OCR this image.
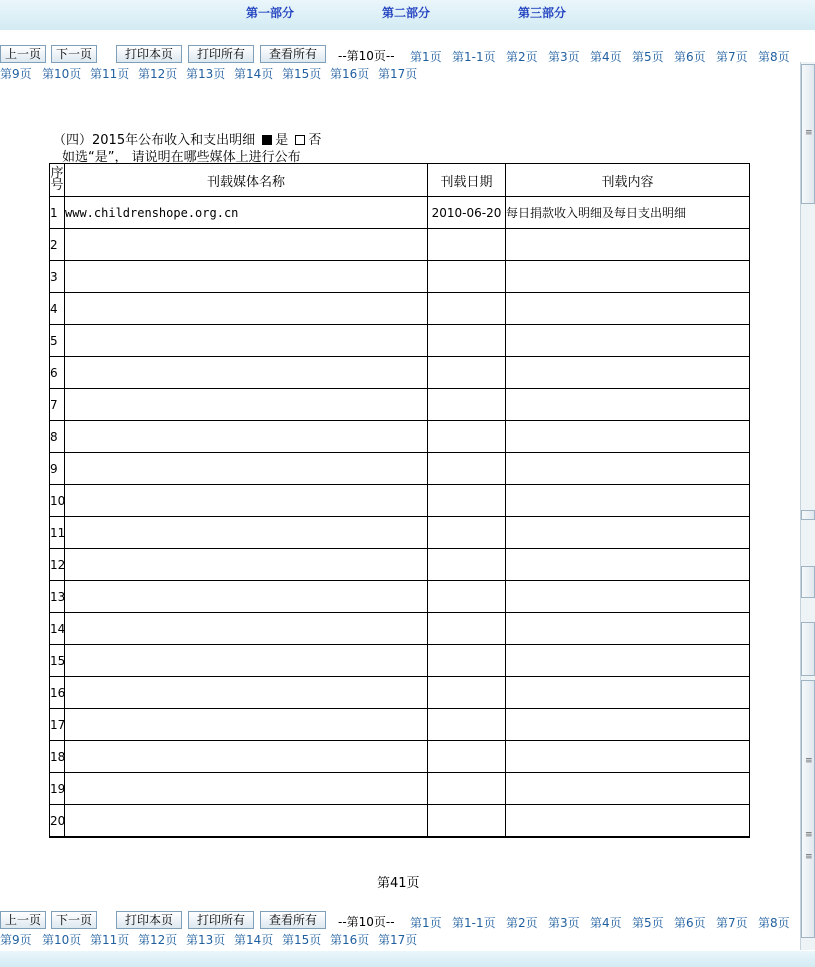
第一部分	第二部分	第三部分
上一页	下一页	打印本页	打印所有	查看所有	--第10页-- 第1页 第1-1页 第2页 第3页 第4页 第5页 第6页 第7页 第8页
第9页 第10页 第11页 第12页 第13页 第14页 第15页 第16页 第17页
（四）2015年公布收入和支出明细 是 否
如选“是”， 请说明在哪些媒体上进行公布
序号	刊载媒体名称	刊载日期	刊载内容
1	www.childrenshope.org.cn	2010-06-20	每日捐款收入明细及每日支出明细
2			
3			
4			
5			
6			
7			
8			
9			
10			
11			
12			
13			
14			
15			
16			
17			
18			
19			
20			
第41页
上一页	下一页	打印本页	打印所有	查看所有	--第10页-- 第1页 第1-1页 第2页 第3页 第4页 第5页 第6页 第7页 第8页
第9页 第10页 第11页 第12页 第13页 第14页 第15页 第16页 第17页
≡
≡
≡
≡
